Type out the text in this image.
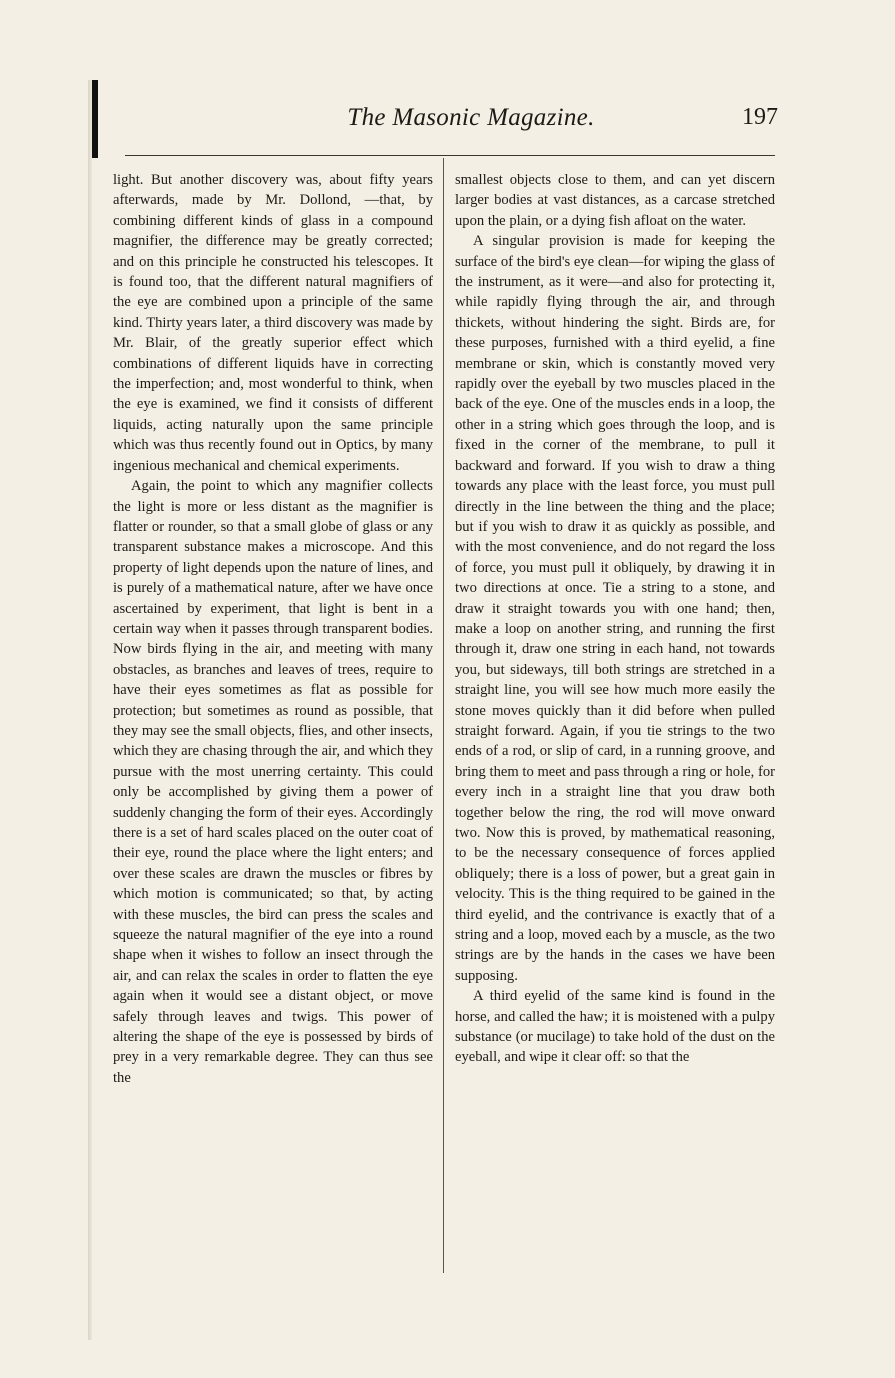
The Masonic Magazine.	197

light. But another discovery was, about fifty years afterwards, made by Mr. Dollond, —that, by combining different kinds of glass in a compound magnifier, the difference may be greatly corrected; and on this principle he constructed his telescopes. It is found too, that the different natural magnifiers of the eye are combined upon a principle of the same kind. Thirty years later, a third discovery was made by Mr. Blair, of the greatly superior effect which combinations of different liquids have in correcting the imperfection; and, most wonderful to think, when the eye is examined, we find it consists of different liquids, acting naturally upon the same principle which was thus recently found out in Optics, by many ingenious mechanical and chemical experiments.

Again, the point to which any magnifier collects the light is more or less distant as the magnifier is flatter or rounder, so that a small globe of glass or any transparent substance makes a microscope. And this property of light depends upon the nature of lines, and is purely of a mathematical nature, after we have once ascertained by experiment, that light is bent in a certain way when it passes through transparent bodies. Now birds flying in the air, and meeting with many obstacles, as branches and leaves of trees, require to have their eyes sometimes as flat as possible for protection; but sometimes as round as possible, that they may see the small objects, flies, and other insects, which they are chasing through the air, and which they pursue with the most unerring certainty. This could only be accomplished by giving them a power of suddenly changing the form of their eyes. Accordingly there is a set of hard scales placed on the outer coat of their eye, round the place where the light enters; and over these scales are drawn the muscles or fibres by which motion is communicated; so that, by acting with these muscles, the bird can press the scales and squeeze the natural magnifier of the eye into a round shape when it wishes to follow an insect through the air, and can relax the scales in order to flatten the eye again when it would see a distant object, or move safely through leaves and twigs. This power of altering the shape of the eye is possessed by birds of prey in a very remarkable degree. They can thus see the

smallest objects close to them, and can yet discern larger bodies at vast distances, as a carcase stretched upon the plain, or a dying fish afloat on the water.

A singular provision is made for keeping the surface of the bird's eye clean—for wiping the glass of the instrument, as it were—and also for protecting it, while rapidly flying through the air, and through thickets, without hindering the sight. Birds are, for these purposes, furnished with a third eyelid, a fine membrane or skin, which is constantly moved very rapidly over the eyeball by two muscles placed in the back of the eye. One of the muscles ends in a loop, the other in a string which goes through the loop, and is fixed in the corner of the membrane, to pull it backward and forward. If you wish to draw a thing towards any place with the least force, you must pull directly in the line between the thing and the place; but if you wish to draw it as quickly as possible, and with the most convenience, and do not regard the loss of force, you must pull it obliquely, by drawing it in two directions at once. Tie a string to a stone, and draw it straight towards you with one hand; then, make a loop on another string, and running the first through it, draw one string in each hand, not towards you, but sideways, till both strings are stretched in a straight line, you will see how much more easily the stone moves quickly than it did before when pulled straight forward. Again, if you tie strings to the two ends of a rod, or slip of card, in a running groove, and bring them to meet and pass through a ring or hole, for every inch in a straight line that you draw both together below the ring, the rod will move onward two. Now this is proved, by mathematical reasoning, to be the necessary consequence of forces applied obliquely; there is a loss of power, but a great gain in velocity. This is the thing required to be gained in the third eyelid, and the contrivance is exactly that of a string and a loop, moved each by a muscle, as the two strings are by the hands in the cases we have been supposing.

A third eyelid of the same kind is found in the horse, and called the haw; it is moistened with a pulpy substance (or mucilage) to take hold of the dust on the eyeball, and wipe it clear off: so that the
